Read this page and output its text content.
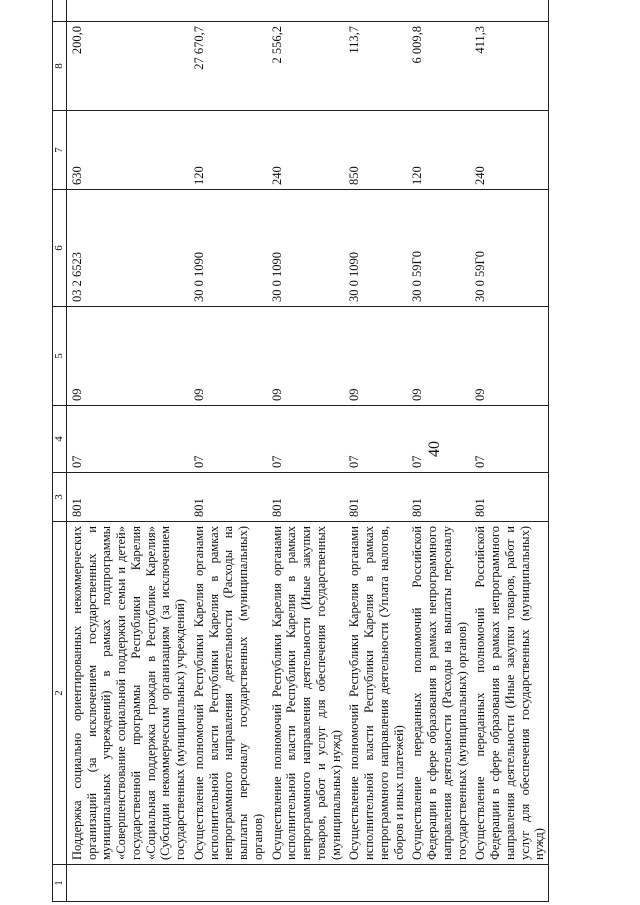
40
1	2	3	4	5	6	7	8	
	Поддержка социально ориентированных некоммерческих организаций (за исключением государственных и муниципальных учреждений) в рамках подпрограммы «Совершенствование социальной поддержки семьи и детей» государственной программы Республики Карелия «Социальная поддержка граждан в Республике Карелия» (Субсидии некоммерческим организациям (за исключением государственных (муниципальных) учреждений)	801	07	09	03 2 6523	630	200,0	
	Осуществление полномочий Республики Карелия органами исполнительной власти Республики Карелия в рамках непрограммного направления деятельности (Расходы на выплаты персоналу государственных (муниципальных) органов)	801	07	09	30 0 1090	120	27 670,7	
	Осуществление полномочий Республики Карелия органами исполнительной власти Республики Карелия в рамках непрограммного направления деятельности (Иные закупки товаров, работ и услуг для обеспечения государственных (муниципальных) нужд)	801	07	09	30 0 1090	240	2 556,2	
	Осуществление полномочий Республики Карелия органами исполнительной власти Республики Карелия в рамках непрограммного направления деятельности (Уплата налогов, сборов и иных платежей)	801	07	09	30 0 1090	850	113,7	
	Осуществление переданных полномочий Российской Федерации в сфере образования в рамках непрограммного направления деятельности (Расходы на выплаты персоналу государственных (муниципальных) органов)	801	07	09	30 0 59Г0	120	6 009,8	
	Осуществление переданных полномочий Российской Федерации в сфере образования в рамках непрограммного направления деятельности (Иные закупки товаров, работ и услуг для обеспечения государственных (муниципальных) нужд)	801	07	09	30 0 59Г0	240	411,3	
